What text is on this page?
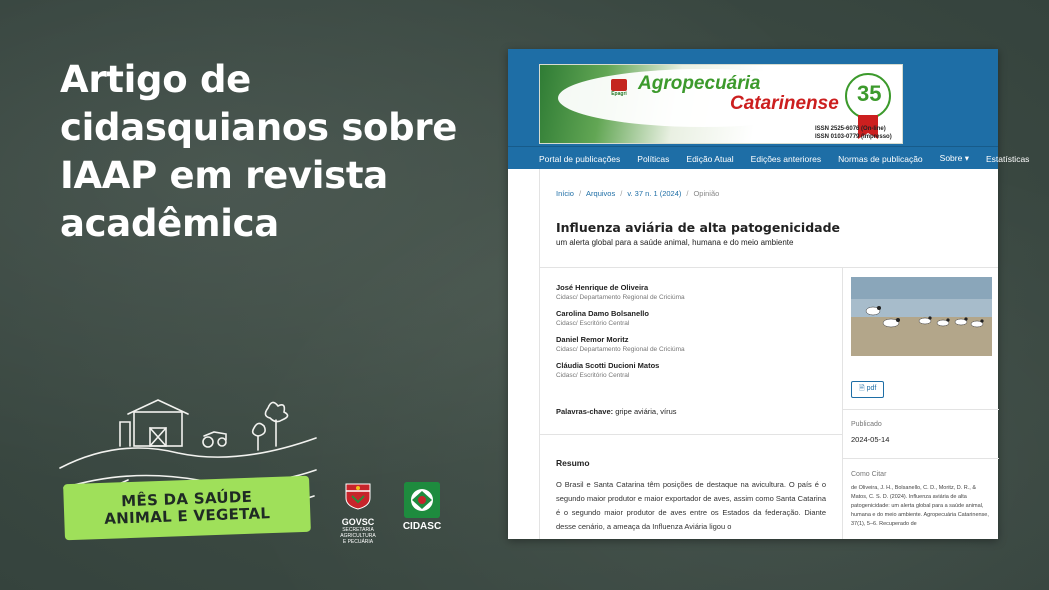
Artigo de
cidasquianos sobre
IAAP em revista
acadêmica
MÊS DA SAÚDE
ANIMAL E VEGETAL	GOVSC
SECRETARIA
AGRICULTURA
E PECUÁRIA
CIDASC
Epagri Agropecuária
Catarinense 35
ISSN 2525-6076 (On-line)
ISSN 0103-0779 (Impresso)
Portal de publicações Políticas Edição Atual Edições anteriores Normas de publicação Sobre ▾ Estatísticas
Início / Arquivos / v. 37 n. 1 (2024) / Opinião
Influenza aviária de alta patogenicidade
um alerta global para a saúde animal, humana e do meio ambiente
José Henrique de Oliveira
Cidasc/ Departamento Regional de Criciúma
Carolina Damo Bolsanello
Cidasc/ Escritório Central
Daniel Remor Moritz
Cidasc/ Departamento Regional de Criciúma
Cláudia Scotti Ducioni Matos
Cidasc/ Escritório Central
Palavras-chave: gripe aviária, vírus
Resumo
O Brasil e Santa Catarina têm posições de destaque na avicultura. O país é o segundo maior produtor e maior exportador de aves, assim como Santa Catarina é o segundo maior produtor de aves entre os Estados da federação. Diante desse cenário, a ameaça da Influenza Aviária ligou o
🗎 pdf
Publicado
2024-05-14
Como Citar
de Oliveira, J. H., Bolsanello, C. D., Moritz, D. R., & Matos, C. S. D. (2024). Influenza aviária de alta patogenicidade: um alerta global para a saúde animal, humana e do meio ambiente. Agropecuária Catarinense, 37(1), 5–6. Recuperado de
